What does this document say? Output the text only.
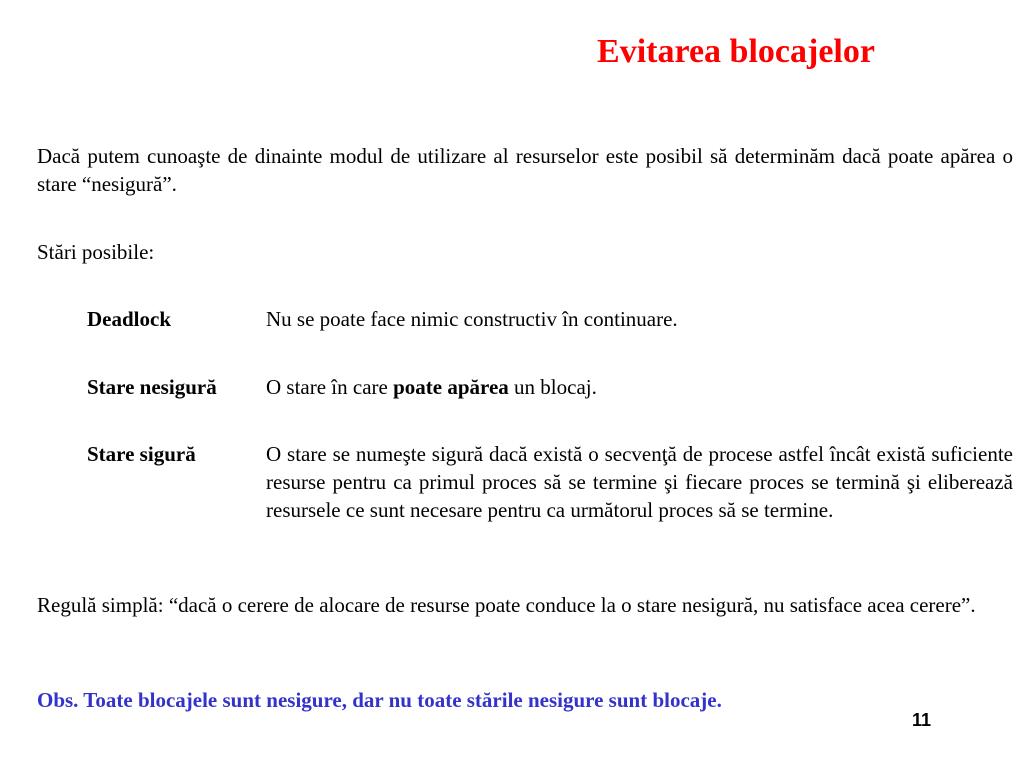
Evitarea blocajelor
Dacă putem cunoaşte de dinainte modul de utilizare al resurselor este posibil să determinăm dacă poate apărea o stare “nesigură”.
Stări posibile:
Deadlock	Nu se poate face nimic constructiv în continuare.
Stare nesigură O stare în care poate apărea un blocaj.
Stare sigură	O stare se numeşte sigură dacă există o secvenţă de procese astfel încât există suficiente resurse pentru ca primul proces să se termine şi fiecare proces se termină şi eliberează resursele ce sunt necesare pentru ca următorul proces să se termine.
Regulă simplă: “dacă o cerere de alocare de resurse poate conduce la o stare nesigură, nu satisface acea cerere”.
Obs. Toate blocajele sunt nesigure, dar nu toate stările nesigure sunt blocaje.
11
